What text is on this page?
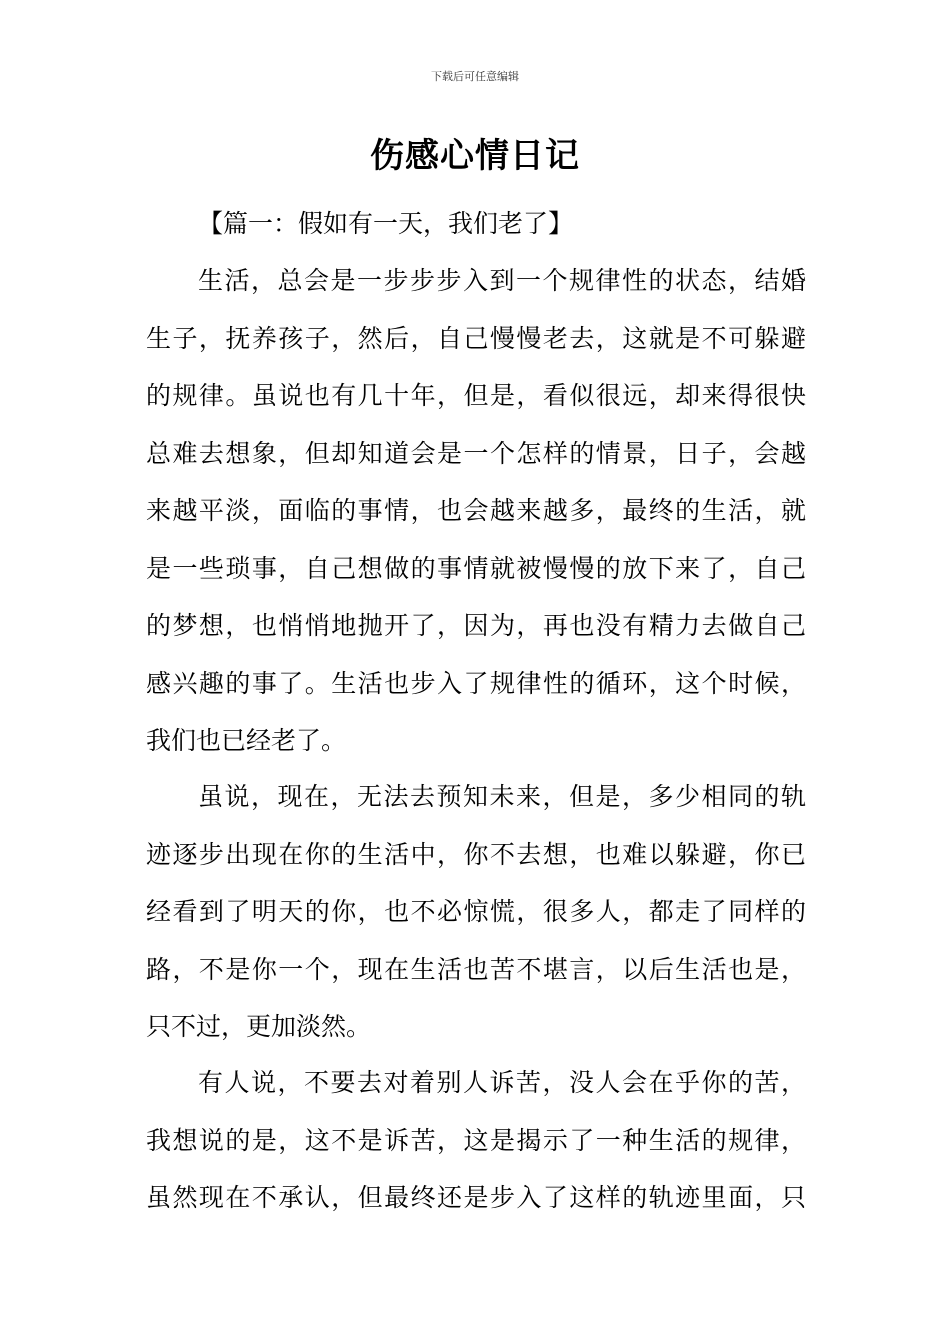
下载后可任意编辑
伤感心情日记
【篇一：假如有一天，我们老了】
生活，总会是一步步步入到一个规律性的状态，结婚
生子，抚养孩子，然后，自己慢慢老去，这就是不可躲避
的规律。虽说也有几十年，但是，看似很远，却来得很快
总难去想象，但却知道会是一个怎样的情景，日子，会越
来越平淡，面临的事情，也会越来越多，最终的生活，就
是一些琐事，自己想做的事情就被慢慢的放下来了，自己
的梦想，也悄悄地抛开了，因为，再也没有精力去做自己
感兴趣的事了。生活也步入了规律性的循环，这个时候，
我们也已经老了。
虽说，现在，无法去预知未来，但是，多少相同的轨
迹逐步出现在你的生活中，你不去想，也难以躲避，你已
经看到了明天的你，也不必惊慌，很多人，都走了同样的
路，不是你一个，现在生活也苦不堪言，以后生活也是，
只不过，更加淡然。
有人说，不要去对着别人诉苦，没人会在乎你的苦，
我想说的是，这不是诉苦，这是揭示了一种生活的规律，
虽然现在不承认，但最终还是步入了这样的轨迹里面，只
